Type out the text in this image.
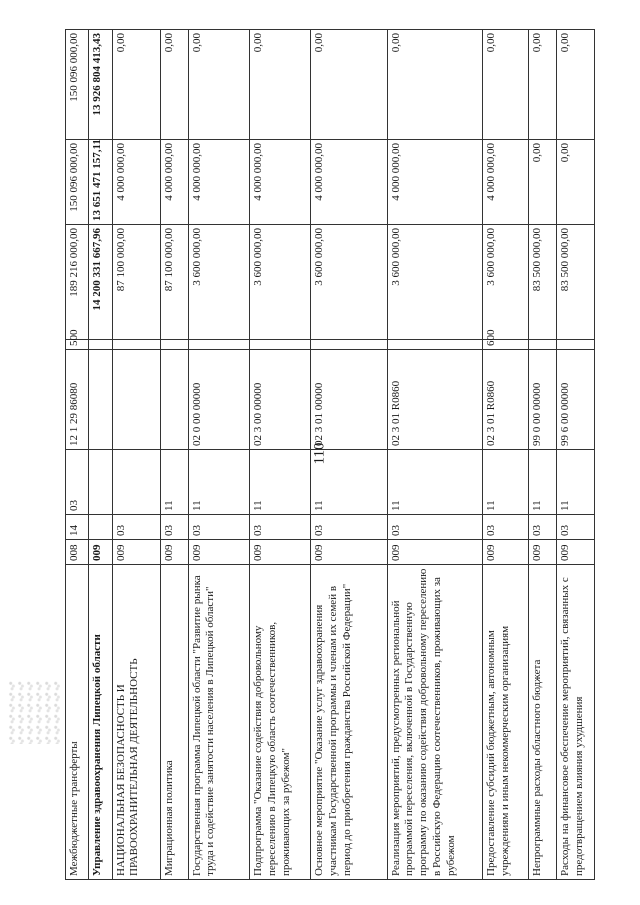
110
Межбюджетные трансферты	008	14	03	12 1 29 86080	500	189 216 000,00	150 096 000,00	150 096 000,00
Управление здравоохранения Липецкой области	009					14 200 331 667,96	13 651 471 157,11	13 926 804 413,43
НАЦИОНАЛЬНАЯ БЕЗОПАСНОСТЬ И ПРАВООХРАНИТЕЛЬНАЯ ДЕЯТЕЛЬНОСТЬ	009	03				87 100 000,00	4 000 000,00	0,00
Миграционная политика	009	03	11			87 100 000,00	4 000 000,00	0,00
Государственная программа Липецкой области "Развитие рынка труда и содействие занятости населения в Липецкой области"	009	03	11	02 0 00 00000		3 600 000,00	4 000 000,00	0,00
Подпрограмма "Оказание содействия добровольному переселению в Липецкую область соотечественников, проживающих за рубежом"	009	03	11	02 3 00 00000		3 600 000,00	4 000 000,00	0,00
Основное мероприятие "Оказание услуг здравоохранения участникам Государственной программы и членам их семей в период до приобретения гражданства Российской Федерации"	009	03	11	02 3 01 00000		3 600 000,00	4 000 000,00	0,00
Реализация мероприятий, предусмотренных региональной программой переселения, включенной в Государственную программу по оказанию содействия добровольному переселению в Российскую Федерацию соотечественников, проживающих за рубежом	009	03	11	02 3 01 R0860		3 600 000,00	4 000 000,00	0,00
Предоставление субсидий бюджетным, автономным учреждениям и иным некоммерческим организациям	009	03	11	02 3 01 R0860	600	3 600 000,00	4 000 000,00	0,00
Непрограммные расходы областного бюджета	009	03	11	99 0 00 00000		83 500 000,00	0,00	0,00
Расходы на финансовое обеспечение мероприятий, связанных с предотвращением влияния ухудшения	009	03	11	99 6 00 00000		83 500 000,00	0,00	0,00
